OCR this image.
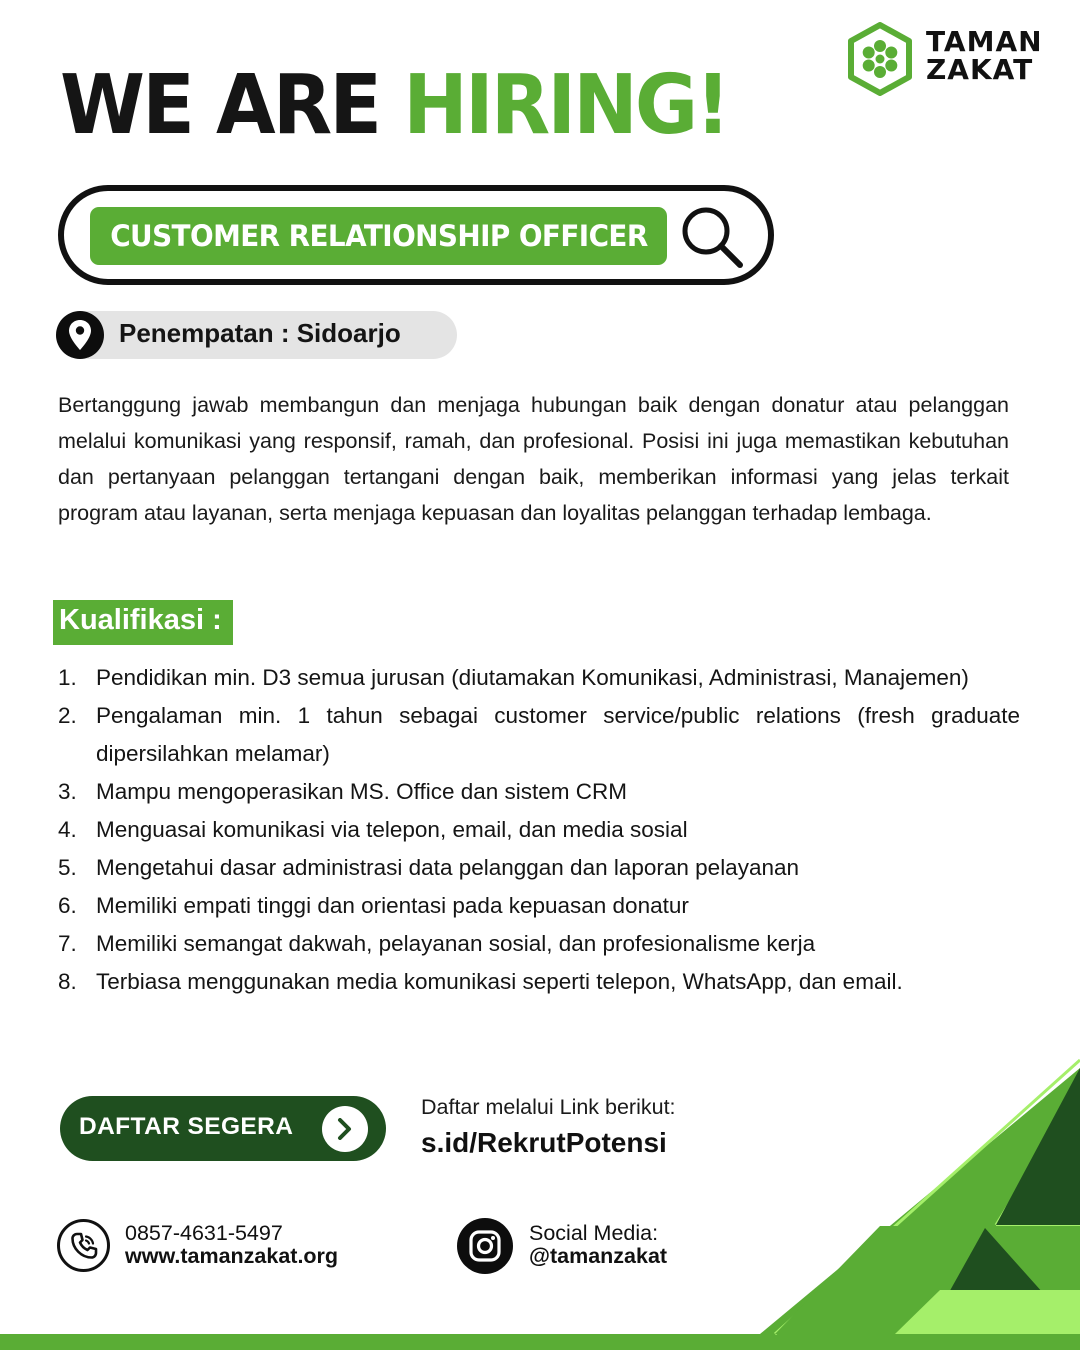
TAMAN
ZAKAT
WE ARE HIRING!
CUSTOMER RELATIONSHIP OFFICER
Penempatan : Sidoarjo

Bertanggung jawab membangun dan menjaga hubungan baik dengan donatur atau pelanggan melalui komunikasi yang responsif, ramah, dan profesional. Posisi ini juga memastikan kebutuhan dan pertanyaan pelanggan tertangani dengan baik, memberikan informasi yang jelas terkait program atau layanan, serta menjaga kepuasan dan loyalitas pelanggan terhadap lembaga.

Kualifikasi :
1. Pendidikan min. D3 semua jurusan (diutamakan Komunikasi, Administrasi, Manajemen)
2. Pengalaman min. 1 tahun sebagai customer service/public relations (fresh graduate dipersilahkan melamar)
3. Mampu mengoperasikan MS. Office dan sistem CRM
4. Menguasai komunikasi via telepon, email, dan media sosial
5. Mengetahui dasar administrasi data pelanggan dan laporan pelayanan
6. Memiliki empati tinggi dan orientasi pada kepuasan donatur
7. Memiliki semangat dakwah, pelayanan sosial, dan profesionalisme kerja
8. Terbiasa menggunakan media komunikasi seperti telepon, WhatsApp, dan email.
DAFTAR SEGERA
Daftar melalui Link berikut:
s.id/RekrutPotensi
0857-4631-5497
www.tamanzakat.org
Social Media:
@tamanzakat
